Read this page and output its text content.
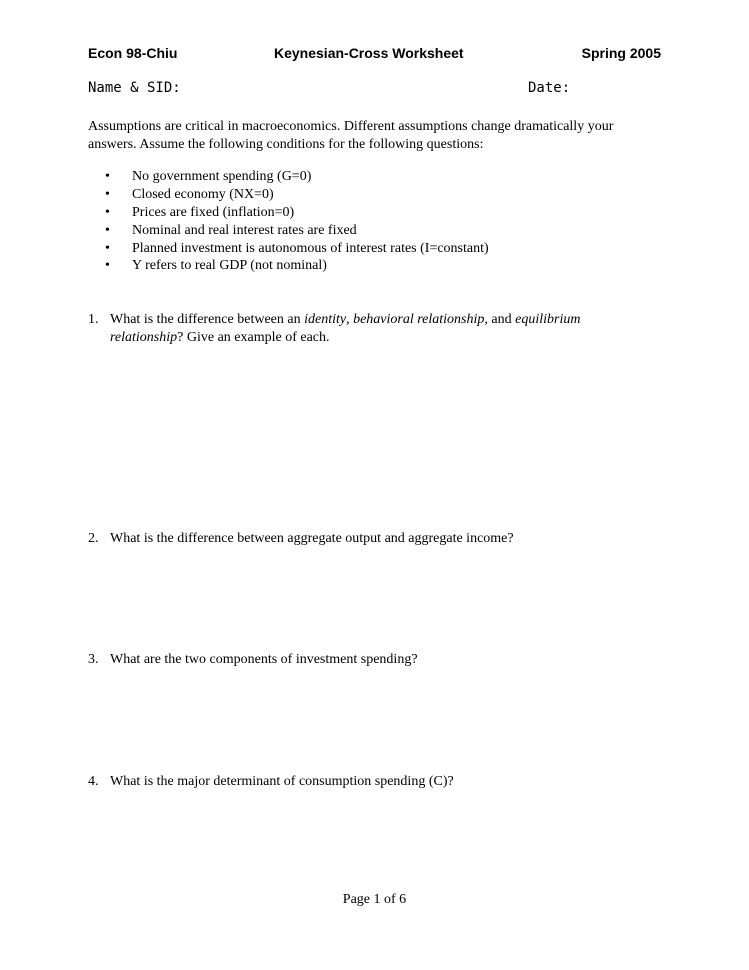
Econ 98-Chiu	Keynesian-Cross Worksheet	Spring 2005
Name & SID:	Date:
Assumptions are critical in macroeconomics. Different assumptions change dramatically your
answers. Assume the following conditions for the following questions:
• No government spending (G=0)
• Closed economy (NX=0)
• Prices are fixed (inflation=0)
• Nominal and real interest rates are fixed
• Planned investment is autonomous of interest rates (I=constant)
• Y refers to real GDP (not nominal)
1. What is the difference between an identity, behavioral relationship, and equilibrium
relationship? Give an example of each.
2. What is the difference between aggregate output and aggregate income?
3. What are the two components of investment spending?
4. What is the major determinant of consumption spending (C)?
Page 1 of 6
